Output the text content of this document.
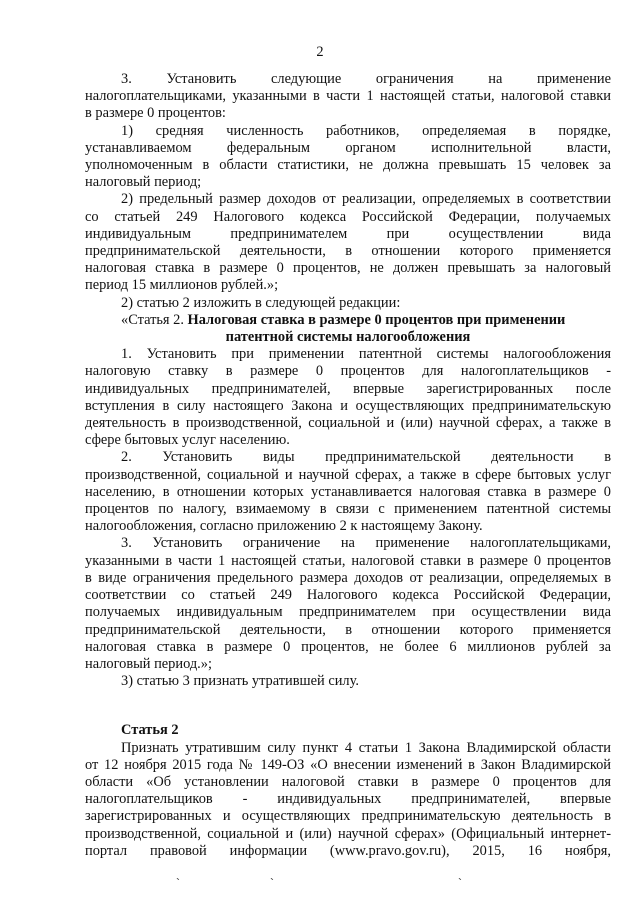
2
3. Установить следующие ограничения на применение
налогоплательщиками, указанными в части 1 настоящей статьи, налоговой ставки
в размере 0 процентов:
1) средняя численность работников, определяемая в порядке,
устанавливаемом федеральным органом исполнительной власти,
уполномоченным в области статистики, не должна превышать 15 человек за
налоговый период;
2) предельный размер доходов от реализации, определяемых в соответствии
со статьей 249 Налогового кодекса Российской Федерации, получаемых
индивидуальным предпринимателем при осуществлении вида
предпринимательской деятельности, в отношении которого применяется
налоговая ставка в размере 0 процентов, не должен превышать за налоговый
период 15 миллионов рублей.»;
2) статью 2 изложить в следующей редакции:
«Статья 2. Налоговая ставка в размере 0 процентов при применении
патентной системы налогообложения
1. Установить при применении патентной системы налогообложения
налоговую ставку в размере 0 процентов для налогоплательщиков -
индивидуальных предпринимателей, впервые зарегистрированных после
вступления в силу настоящего Закона и осуществляющих предпринимательскую
деятельность в производственной, социальной и (или) научной сферах, а также в
сфере бытовых услуг населению.
2. Установить виды предпринимательской деятельности в
производственной, социальной и научной сферах, а также в сфере бытовых услуг
населению, в отношении которых устанавливается налоговая ставка в размере 0
процентов по налогу, взимаемому в связи с применением патентной системы
налогообложения, согласно приложению 2 к настоящему Закону.
3. Установить ограничение на применение налогоплательщиками,
указанными в части 1 настоящей статьи, налоговой ставки в размере 0 процентов
в виде ограничения предельного размера доходов от реализации, определяемых в
соответствии со статьей 249 Налогового кодекса Российской Федерации,
получаемых индивидуальным предпринимателем при осуществлении вида
предпринимательской деятельности, в отношении которого применяется
налоговая ставка в размере 0 процентов, не более 6 миллионов рублей за
налоговый период.»;
3) статью 3 признать утратившей силу.
Статья 2
Признать утратившим силу пункт 4 статьи 1 Закона Владимирской области
от 12 ноября 2015 года № 149-ОЗ «О внесении изменений в Закон Владимирской
области «Об установлении налоговой ставки в размере 0 процентов для
налогоплательщиков - индивидуальных предпринимателей, впервые
зарегистрированных и осуществляющих предпринимательскую деятельность в
производственной, социальной и (или) научной сферах» (Официальный интернет-
портал правовой информации (www.pravo.gov.ru), 2015, 16 ноября,
`	`	`
